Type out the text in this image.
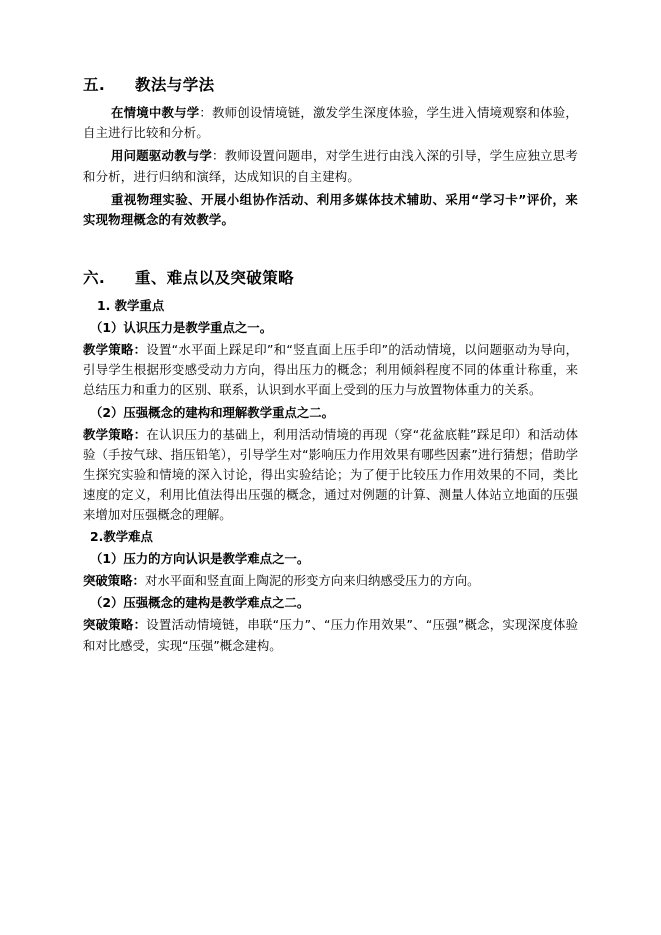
五. 教法与学法

在情境中教与学：教师创设情境链，激发学生深度体验，学生进入情境观察和体验，自主进行比较和分析。

用问题驱动教与学：教师设置问题串，对学生进行由浅入深的引导，学生应独立思考和分析，进行归纳和演绎，达成知识的自主建构。

重视物理实验、开展小组协作活动、利用多媒体技术辅助、采用“学习卡”评价，来实现物理概念的有效教学。

六. 重、难点以及突破策略

1. 教学重点

（1）认识压力是教学重点之一。

教学策略：设置“水平面上踩足印”和“竖直面上压手印”的活动情境，以问题驱动为导向，引导学生根据形变感受动力方向，得出压力的概念；利用倾斜程度不同的体重计称重，来总结压力和重力的区别、联系，认识到水平面上受到的压力与放置物体重力的关系。

（2）压强概念的建构和理解教学重点之二。

教学策略：在认识压力的基础上，利用活动情境的再现（穿“花盆底鞋”踩足印）和活动体验（手按气球、指压铅笔），引导学生对“影响压力作用效果有哪些因素”进行猜想；借助学生探究实验和情境的深入讨论，得出实验结论；为了便于比较压力作用效果的不同，类比速度的定义，利用比值法得出压强的概念，通过对例题的计算、测量人体站立地面的压强来增加对压强概念的理解。

2.教学难点

（1）压力的方向认识是教学难点之一。

突破策略：对水平面和竖直面上陶泥的形变方向来归纳感受压力的方向。

（2）压强概念的建构是教学难点之二。

突破策略：设置活动情境链，串联“压力”、“压力作用效果”、“压强”概念，实现深度体验和对比感受，实现“压强”概念建构。
